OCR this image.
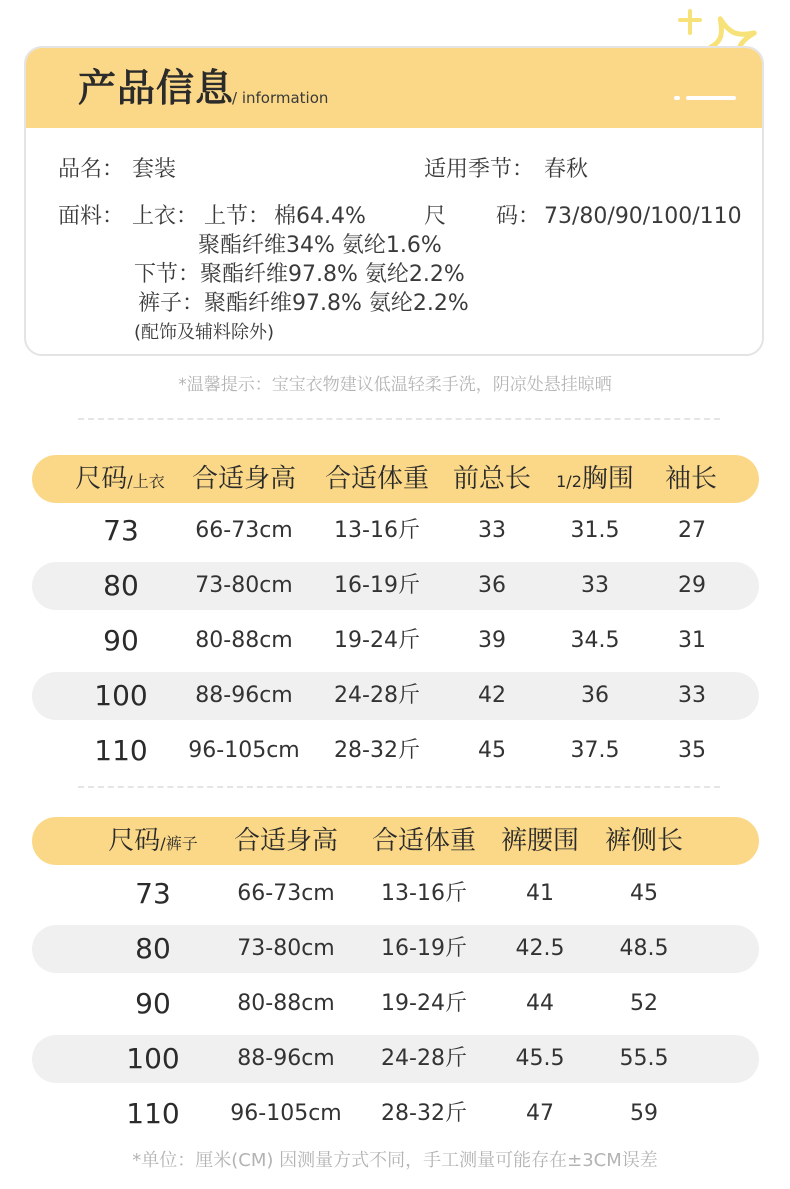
产品信息
/ information
品名： 套装	适用季节： 春秋
面料： 上衣： 上节： 棉64.4%
聚酯纤维34% 氨纶1.6%
下节：聚酯纤维97.8% 氨纶2.2%
裤子：聚酯纤维97.8% 氨纶2.2%
(配饰及辅料除外)
尺 码： 73/80/90/100/110
*温馨提示：宝宝衣物建议低温轻柔手洗，阴凉处悬挂晾晒
尺码/上衣 合适身高 合适体重 前总长 1/2胸围 袖长
73	66-73cm 13-16斤	33	31.5	27
80	73-80cm 16-19斤	36	33	29
90	80-88cm 19-24斤	39	34.5	31
100 88-96cm 24-28斤	42	36	33
110 96-105cm 28-32斤	45	37.5	35
尺码/裤子 合适身高 合适体重 裤腰围 裤侧长
73	66-73cm 13-16斤	41	45
80	73-80cm 16-19斤 42.5	48.5
90	80-88cm 19-24斤	44	52
100	88-96cm 24-28斤 45.5	55.5
110 96-105cm 28-32斤	47	59
*单位：厘米(CM) 因测量方式不同，手工测量可能存在±3CM误差
